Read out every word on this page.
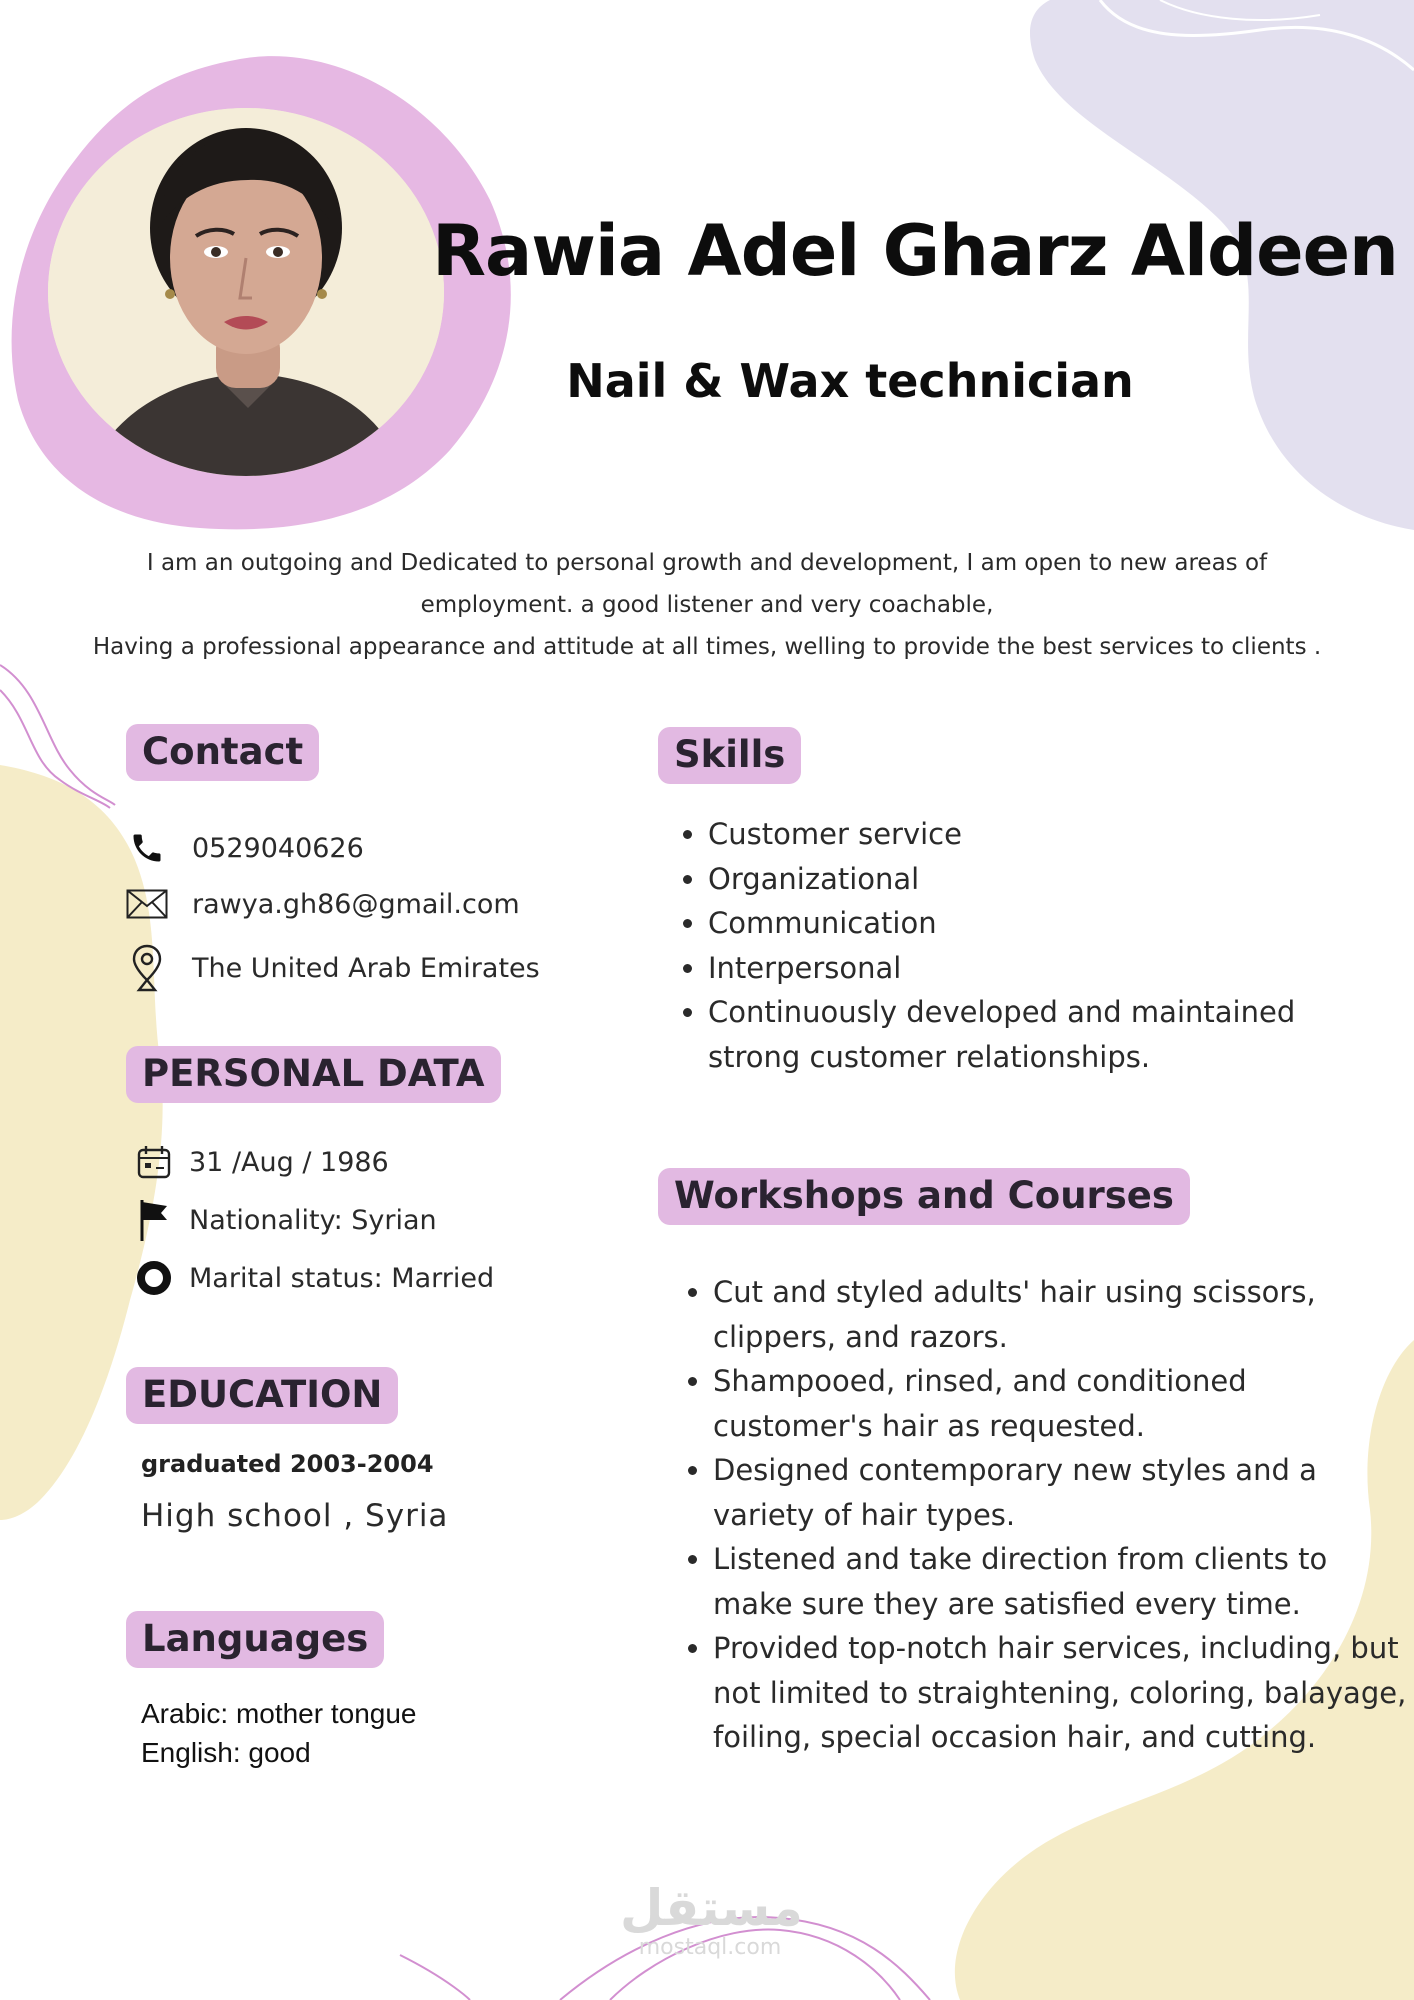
Rawia Adel Gharz Aldeen
Nail & Wax technician

I am an outgoing and Dedicated to personal growth and development, I am open to new areas of

employment. a good listener and very coachable,

Having a professional appearance and attitude at all times, welling to provide the best services to clients .

Contact
0529040626
rawya.gh86@gmail.com
The United Arab Emirates
PERSONAL DATA
31 /Aug / 1986
Nationality: Syrian
Marital status: Married
EDUCATION
graduated 2003-2004
High school , Syria
Languages
Arabic: mother tongue
English: good
Skills
• Customer service
• Organizational
• Communication
• Interpersonal
• Continuously developed and maintained strong customer relationships.
Workshops and Courses
• Cut and styled adults' hair using scissors, clippers, and razors.
• Shampooed, rinsed, and conditioned customer's hair as requested.
• Designed contemporary new styles and a variety of hair types.
• Listened and take direction from clients to make sure they are satisfied every time.
• Provided top-notch hair services, including, but not limited to straightening, coloring, balayage, foiling, special occasion hair, and cutting.
مستقل
mostaql.com
